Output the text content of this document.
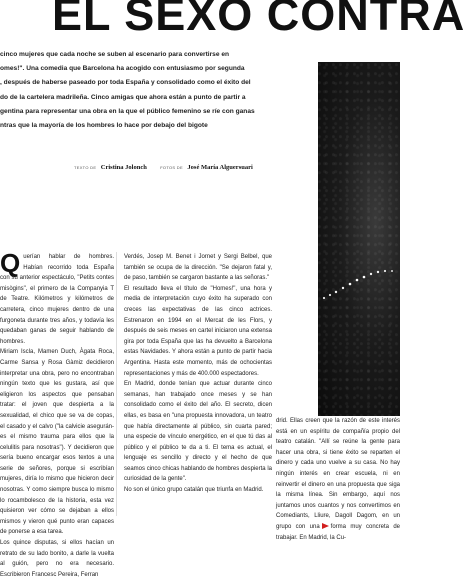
EL SEXO CONTRA
cinco mujeres que cada noche se suben al escenario para convertirse en
omes!". Una comedia que Barcelona ha acogido con entusiasmo por segunda
, después de haberse paseado por toda España y consolidado como el éxito del
do de la cartelera madrileña. Cinco amigas que ahora están a punto de partir a
gentina para representar una obra en la que el público femenino se ríe con ganas
ntras que la mayoría de los hombres lo hace por debajo del bigote
TEXTO DE Cristina Jolonch	FOTOS DE José María Alguersuari

Querían hablar de hombres. Habían recorrido toda España con su anterior espectáculo, "Petits contes misògins", el primero de la Companyia T de Teatre. Kilómetros y kilómetros de carretera, cinco mujeres dentro de una furgoneta durante tres años, y todavía les quedaban ganas de seguir hablando de hombres.

Miriam Iscla, Mamen Duch, Àgata Roca, Carme Sansa y Rosa Gàmiz decidieron interpretar una obra, pero no encontraban ningún texto que les gustara, así que eligieron los aspectos que pensaban tratar: el joven que despierta a la sexualidad, el chico que se va de copas, el casado y el calvo ("la calvicie asegurán- es el mismo trauma para ellos que la celulitis para nosotras"). Y decidieron que sería bueno encargar esos textos a una serie de señores, porque si escribían mujeres, diría lo mismo que hicieron decir nosotras. Y como siempre busca lo mismo lo rocambolesco de la historia, esta vez quisieron ver cómo se dejaban a ellos mismos y vieron qué punto eran capaces de ponerse a esa tarea.

Los quince disputas, si ellos hacían un retrato de su lado bonito, a darle la vuelta al guión, pero no era necesario. Escribieron Francesc Pereira, Ferran

Verdés, Josep M. Benet i Jornet y Sergi Belbel, que también se ocupa de la dirección. "Se dejaron fatal y, de paso, también se cargaron bastante a las señoras."

El resultado lleva el título de "Homes!", una hora y media de interpretación cuyo éxito ha superado con creces las expectativas de las cinco actrices. Estrenaron en 1994 en el Mercat de les Flors, y después de seis meses en cartel iniciaron una extensa gira por toda España que las ha devuelto a Barcelona estas Navidades. Y ahora están a punto de partir hacia Argentina. Hasta este momento, más de ochocientas representaciones y más de 400.000 espectadores.

En Madrid, donde tenían que actuar durante cinco semanas, han trabajado once meses y se han consolidado como el éxito del año. El secreto, dicen ellas, es basa en "una propuesta innovadora, un teatro que había directamente al público, sin cuarta pared; una especie de vínculo energético, en el que tú das al público y el público te da a ti. El tema es actual, el lenguaje es sencillo y directo y el hecho de que seamos cinco chicas hablando de hombres despierta la curiosidad de la gente".

No son el único grupo catalán que triunfa en Madrid.

drid. Ellas creen que la razón de este interés está en un espíritu de compañía propio del teatro catalán. "Allí se reúne la gente para hacer una obra, si tiene éxito se reparten el dinero y cada uno vuelve a su casa. No hay ningún interés en crear escuela, ni en reinvertir el dinero en una propuesta que siga la misma línea. Sin embargo, aquí nos juntamos unos cuantos y nos convertimos en Comediants, Lliure, Dagoll Dagom, en un grupo con una forma muy concreta de trabajar. En Madrid, la Cu-
